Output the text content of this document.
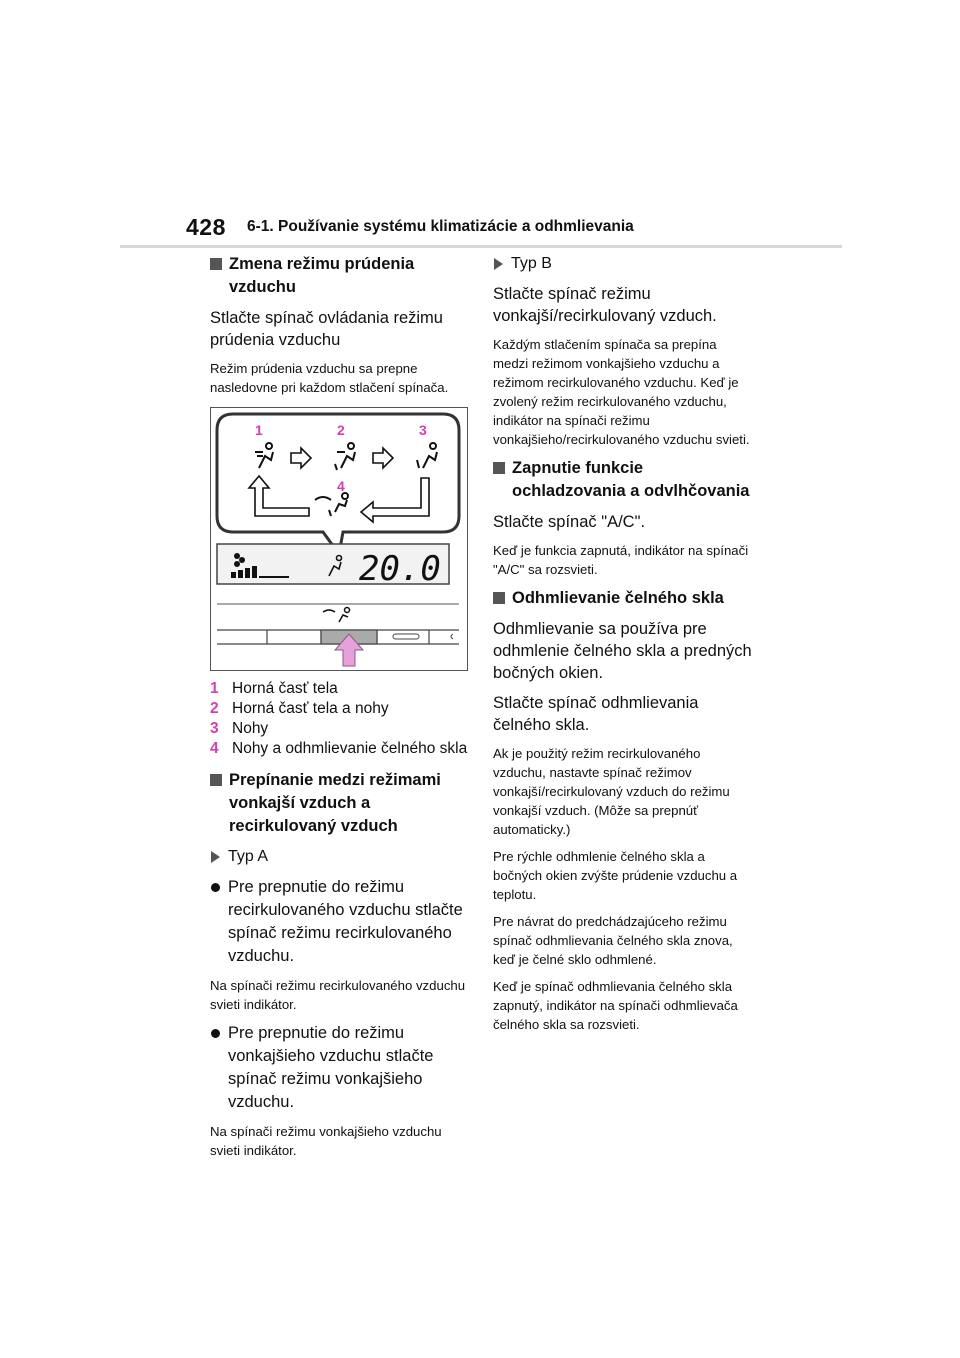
428 6-1. Používanie systému klimatizácie a odhmlievania
Zmena režimu prúdenia vzduchu

Stlačte spínač ovládania režimu prúdenia vzduchu

Režim prúdenia vzduchu sa prepne nasledovne pri každom stlačení spínača.

1	2	3
4
20.0
1 Horná časť tela
2 Horná časť tela a nohy
3 Nohy
4 Nohy a odhmlievanie čelného skla
Prepínanie medzi režimami vonkajší vzduch a recirkulovaný vzduch
Typ A

Pre prepnutie do režimu recirkulovaného vzduchu stlačte spínač režimu recirkulovaného vzduchu.

Na spínači režimu recirkulovaného vzduchu svieti indikátor.

Pre prepnutie do režimu vonkajšieho vzduchu stlačte spínač režimu vonkajšieho vzduchu.

Na spínači režimu vonkajšieho vzduchu svieti indikátor.

Typ B

Stlačte spínač režimu vonkajší/recirkulovaný vzduch.

Každým stlačením spínača sa prepína medzi režimom vonkajšieho vzduchu a režimom recirkulovaného vzduchu. Keď je zvolený režim recirkulovaného vzduchu, indikátor na spínači režimu vonkajšieho/recirkulovaného vzduchu svieti.

Zapnutie funkcie ochladzovania a odvlhčovania

Stlačte spínač "A/C".

Keď je funkcia zapnutá, indikátor na spínači "A/C" sa rozsvieti.

Odhmlievanie čelného skla

Odhmlievanie sa používa pre odhmlenie čelného skla a predných bočných okien.

Stlačte spínač odhmlievania čelného skla.

Ak je použitý režim recirkulovaného vzduchu, nastavte spínač režimov vonkajší/recirkulovaný vzduch do režimu vonkajší vzduch. (Môže sa prepnúť automaticky.)

Pre rýchle odhmlenie čelného skla a bočných okien zvýšte prúdenie vzduchu a teplotu.

Pre návrat do predchádzajúceho režimu spínač odhmlievania čelného skla znova, keď je čelné sklo odhmlené.

Keď je spínač odhmlievania čelného skla zapnutý, indikátor na spínači odhmlievača čelného skla sa rozsvieti.
